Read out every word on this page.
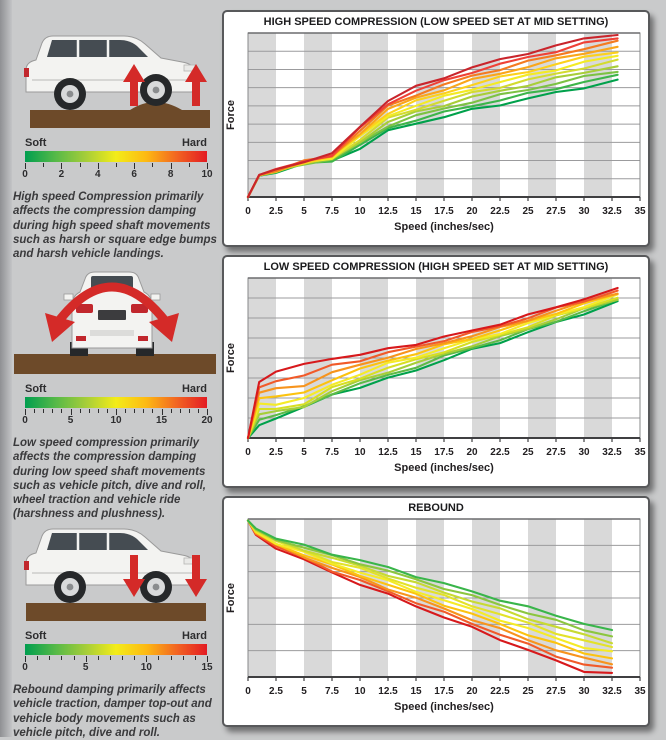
Soft	Hard
0	2	4	6	8	10
High speed Compression primarily affects the compression damping during high speed shaft movements such as harsh or square edge bumps and harsh vehicle landings.
Soft	Hard
0	5	10	15	20
Low speed compression primarily affects the compression damping during low speed shaft movements such as vehicle pitch, dive and roll, wheel traction and vehicle ride (harshness and plushness).
Soft	Hard
0	5	10	15
Rebound damping primarily affects vehicle traction, damper top-out and vehicle body movements such as vehicle pitch, dive and roll.
HIGH SPEED COMPRESSION (LOW SPEED SET AT MID SETTING)
0 2.5 5 7.5 10 12.5 15 17.5 20 22.5 25 27.5 30 32.5 35
Speed (inches/sec)
Force
LOW SPEED COMPRESSION (HIGH SPEED SET AT MID SETTING)
0 2.5 5 7.5 10 12.5 15 17.5 20 22.5 25 27.5 30 32.5 35
Speed (inches/sec)
Force
REBOUND
0 2.5 5 7.5 10 12.5 15 17.5 20 22.5 25 27.5 30 32.5 35
Speed (inches/sec)
Force
